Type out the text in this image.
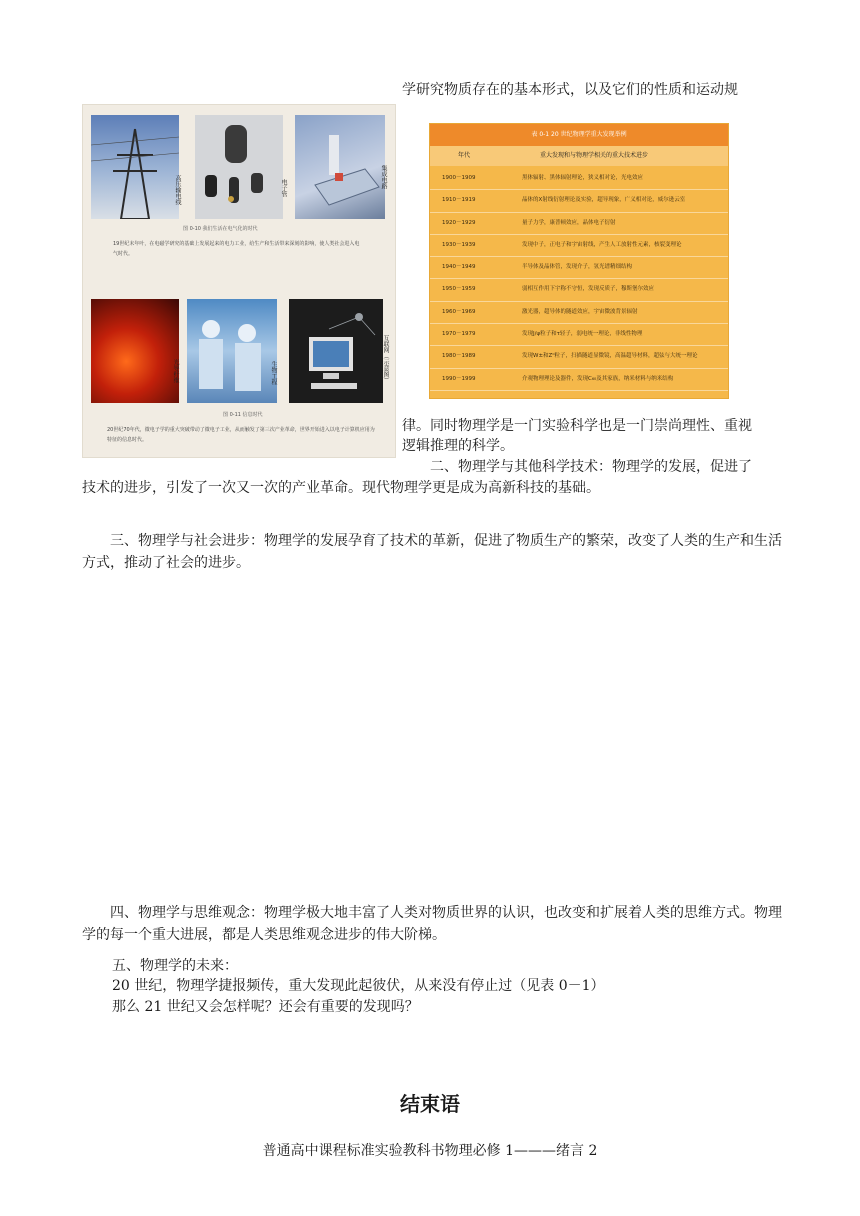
学研究物质存在的基本形式，以及它们的性质和运动规
高压输电线	电子管	集成电路
图 0-10 我们生活在电气化的时代
19世纪末年叶，在电磁学研究的基础上发展起来的电力工业，给生产和生活带来深刻的影响，使人类社会进入电气时代。
光导纤维	生物工程	互联网（示意图）
图 0-11 信息时代
20世纪70年代，微电子学的重大突破带动了微电子工业，从而触发了第三次产业革命，世界开始进入以电子计算机应用为特征的信息时代。
表 0-1 20 世纪物理学重大发现举例
年代	重大发现和与物理学相关的重大技术进步
1900－1909	黑体辐射、黑体辐射理论，狭义相对论，光电效应
1910－1919	晶体的X射线衍射理论及实验，超导现象，广义相对论，威尔逊云室
1920－1929	量子力学，康普顿效应，晶体电子衍射
1930－1939	发现中子，正电子和宇宙射线，产生人工放射性元素，核裂变理论
1940－1949	半导体及晶体管，发现介子，氢光谱精细结构
1950－1959	弱相互作用下宇称不守恒，发现反质子，穆斯堡尔效应
1960－1969	激光器，超导体的隧道效应，宇宙微波背景辐射
1970－1979	发现J/ψ粒子和τ轻子，弱电统一理论，非线性物理
1980－1989	发现W±和Z⁰粒子，扫描隧道显微镜，高温超导材料，超弦与大统一理论
1990－1999	介观物理理论及器件，发现C₆₀及其家族，纳米材料与纳米结构
律。同时物理学是一门实验科学也是一门崇尚理性、重视
逻辑推理的科学。
二、物理学与其他科学技术：物理学的发展，促进了
技术的进步，引发了一次又一次的产业革命。现代物理学更是成为高新科技的基础。
三、物理学与社会进步：物理学的发展孕育了技术的革新，促进了物质生产的繁荣，改变了人类的生产和生活方式，推动了社会的进步。
四、物理学与思维观念：物理学极大地丰富了人类对物质世界的认识，也改变和扩展着人类的思维方式。物理学的每一个重大进展，都是人类思维观念进步的伟大阶梯。
五、物理学的未来：
20 世纪，物理学捷报频传，重大发现此起彼伏，从来没有停止过（见表 0－1）
那么 21 世纪又会怎样呢？还会有重要的发现吗？
结束语
普通高中课程标准实验教科书物理必修 1———绪言 2
